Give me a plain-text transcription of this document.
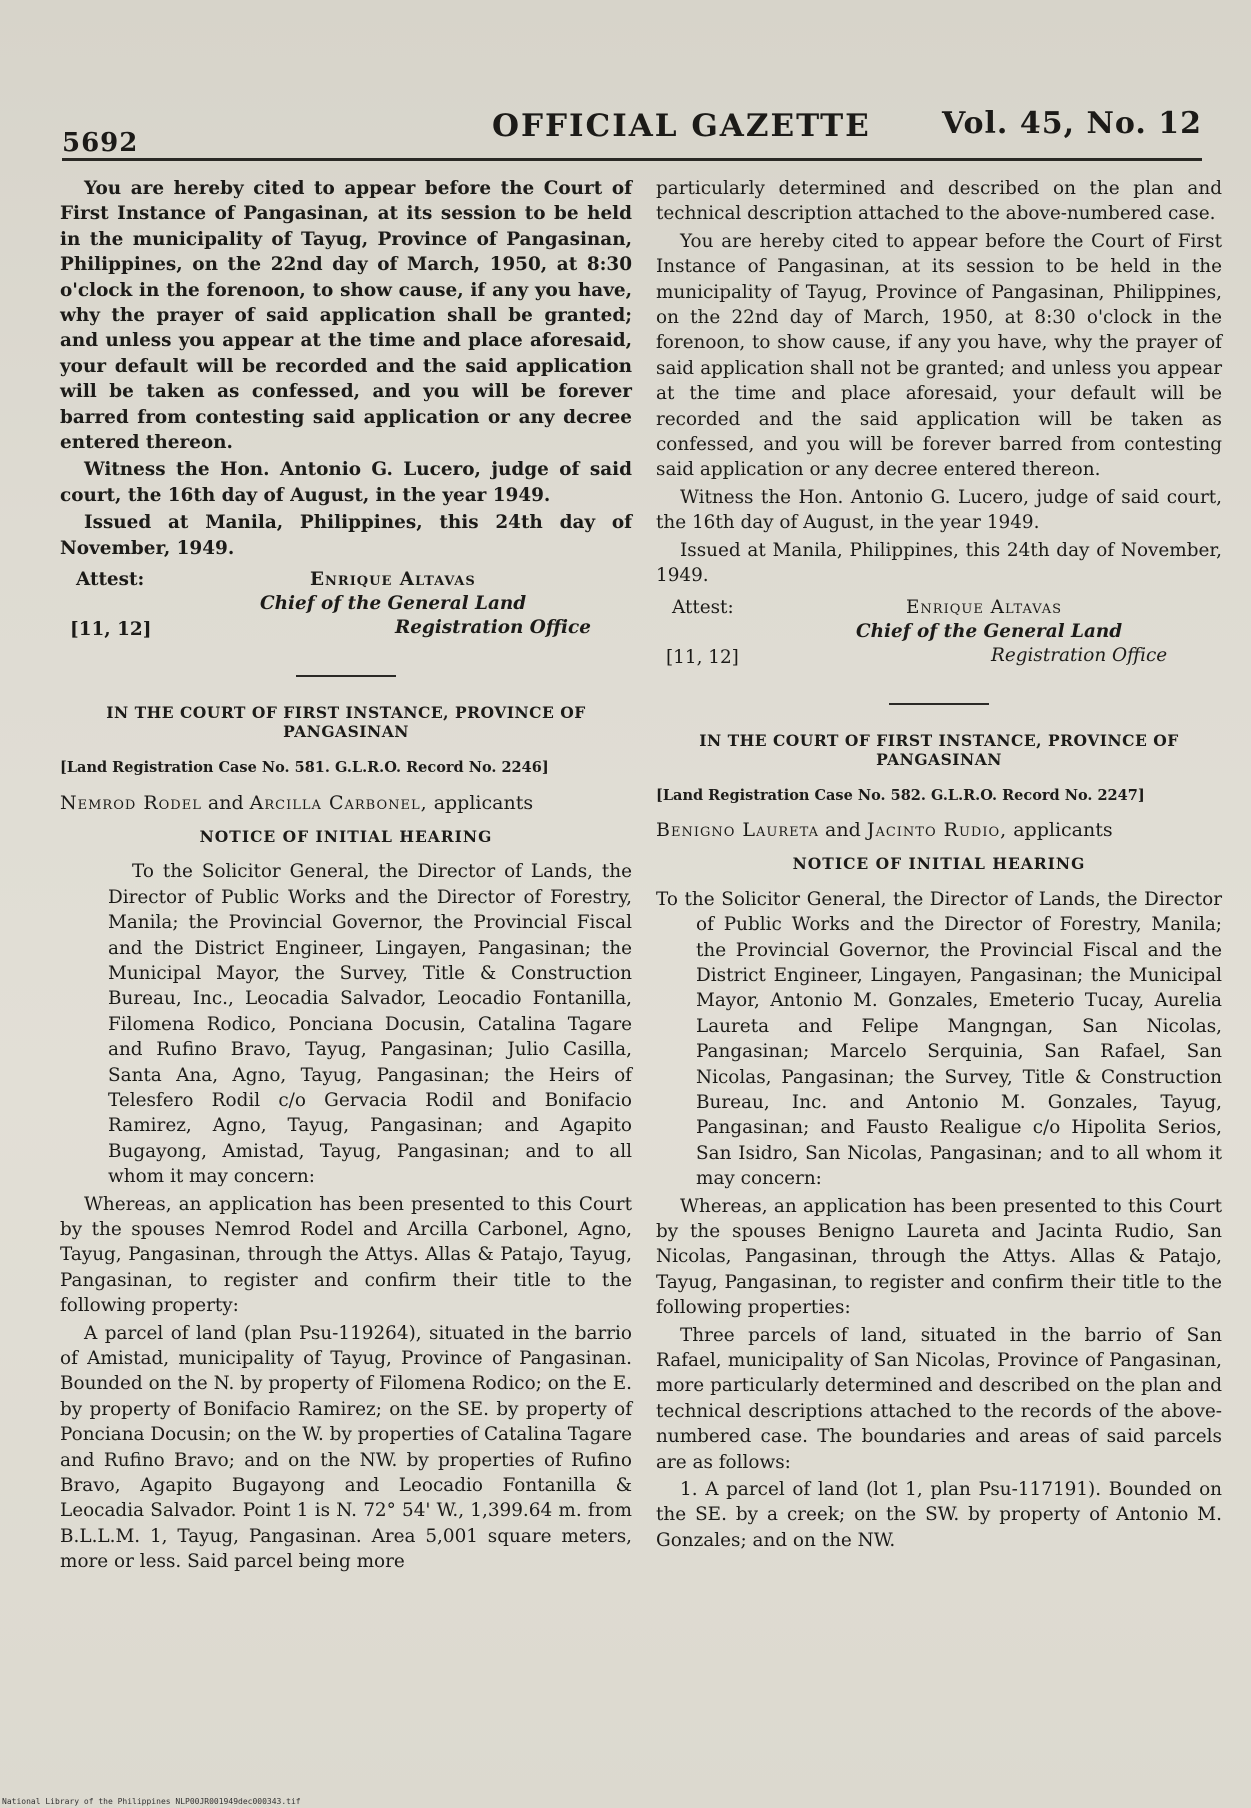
5692	OFFICIAL GAZETTE Vol. 45, No. 12

You are hereby cited to appear before the Court of First Instance of Pangasinan, at its session to be held in the municipality of Tayug, Province of Pangasinan, Philippines, on the 22nd day of March, 1950, at 8:30 o'clock in the forenoon, to show cause, if any you have, why the prayer of said application shall be granted; and unless you appear at the time and place aforesaid, your default will be recorded and the said application will be taken as confessed, and you will be forever barred from contesting said application or any decree entered thereon.

Witness the Hon. Antonio G. Lucero, judge of said court, the 16th day of August, in the year 1949.

Issued at Manila, Philippines, this 24th day of November, 1949.

Attest:
[11, 12]
Enrique Altavas
Chief of the General Land
Registration Office
IN THE COURT OF FIRST INSTANCE, PROVINCE OF PANGASINAN
[Land Registration Case No. 581. G.L.R.O. Record No. 2246]
Nemrod Rodel and Arcilla Carbonel, applicants
NOTICE OF INITIAL HEARING

To the Solicitor General, the Director of Lands, the Director of Public Works and the Director of Forestry, Manila; the Provincial Governor, the Provincial Fiscal and the District Engineer, Lingayen, Pangasinan; the Municipal Mayor, the Survey, Title & Construction Bureau, Inc., Leocadia Salvador, Leocadio Fontanilla, Filomena Rodico, Ponciana Docusin, Catalina Tagare and Rufino Bravo, Tayug, Pangasinan; Julio Casilla, Santa Ana, Agno, Tayug, Pangasinan; the Heirs of Telesfero Rodil c/o Gervacia Rodil and Bonifacio Ramirez, Agno, Tayug, Pangasinan; and Agapito Bugayong, Amistad, Tayug, Pangasinan; and to all whom it may concern:

Whereas, an application has been presented to this Court by the spouses Nemrod Rodel and Arcilla Carbonel, Agno, Tayug, Pangasinan, through the Attys. Allas & Patajo, Tayug, Pangasinan, to register and confirm their title to the following property:

A parcel of land (plan Psu-119264), situated in the barrio of Amistad, municipality of Tayug, Province of Pangasinan. Bounded on the N. by property of Filomena Rodico; on the E. by property of Bonifacio Ramirez; on the SE. by property of Ponciana Docusin; on the W. by properties of Catalina Tagare and Rufino Bravo; and on the NW. by properties of Rufino Bravo, Agapito Bugayong and Leocadio Fontanilla & Leocadia Salvador. Point 1 is N. 72° 54' W., 1,399.64 m. from B.L.L.M. 1, Tayug, Pangasinan. Area 5,001 square meters, more or less. Said parcel being more

particularly determined and described on the plan and technical description attached to the above-numbered case.

You are hereby cited to appear before the Court of First Instance of Pangasinan, at its session to be held in the municipality of Tayug, Province of Pangasinan, Philippines, on the 22nd day of March, 1950, at 8:30 o'clock in the forenoon, to show cause, if any you have, why the prayer of said application shall not be granted; and unless you appear at the time and place aforesaid, your default will be recorded and the said application will be taken as confessed, and you will be forever barred from contesting said application or any decree entered thereon.

Witness the Hon. Antonio G. Lucero, judge of said court, the 16th day of August, in the year 1949.

Issued at Manila, Philippines, this 24th day of November, 1949.

Attest:
[11, 12]
Enrique Altavas
Chief of the General Land
Registration Office
IN THE COURT OF FIRST INSTANCE, PROVINCE OF PANGASINAN
[Land Registration Case No. 582. G.L.R.O. Record No. 2247]
Benigno Laureta and Jacinto Rudio, applicants
NOTICE OF INITIAL HEARING

To the Solicitor General, the Director of Lands, the Director of Public Works and the Director of Forestry, Manila; the Provincial Governor, the Provincial Fiscal and the District Engineer, Lingayen, Pangasinan; the Municipal Mayor, Antonio M. Gonzales, Emeterio Tucay, Aurelia Laureta and Felipe Mangngan, San Nicolas, Pangasinan; Marcelo Serquinia, San Rafael, San Nicolas, Pangasinan; the Survey, Title & Construction Bureau, Inc. and Antonio M. Gonzales, Tayug, Pangasinan; and Fausto Realigue c/o Hipolita Serios, San Isidro, San Nicolas, Pangasinan; and to all whom it may concern:

Whereas, an application has been presented to this Court by the spouses Benigno Laureta and Jacinta Rudio, San Nicolas, Pangasinan, through the Attys. Allas & Patajo, Tayug, Pangasinan, to register and confirm their title to the following properties:

Three parcels of land, situated in the barrio of San Rafael, municipality of San Nicolas, Province of Pangasinan, more particularly determined and described on the plan and technical descriptions attached to the records of the above-numbered case. The boundaries and areas of said parcels are as follows:

1. A parcel of land (lot 1, plan Psu-117191). Bounded on the SE. by a creek; on the SW. by property of Antonio M. Gonzales; and on the NW.

National Library of the Philippines NLP00JR001949dec000343.tif
